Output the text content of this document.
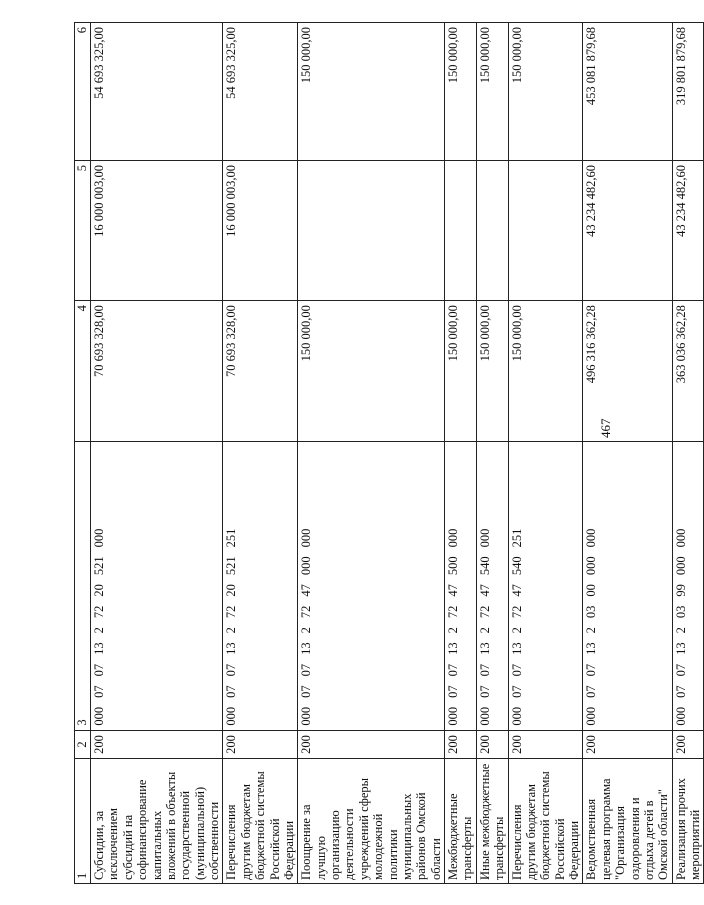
467
1	2	3	4	5	6
Субсидии, за исключением субсидий на софинансирование капитальных вложений в объекты государственной (муниципальной) собственности	200	00007071327220521000	70 693 328,00	16 000 003,00	54 693 325,00
Перечисления другим бюджетам бюджетной системы Российской Федерации	200	00007071327220521251	70 693 328,00	16 000 003,00	54 693 325,00
Поощрение за лучшую организацию деятельности учреждений сферы молодежной политики муниципальных районов Омской области	200	00007071327247000000	150 000,00		150 000,00
Межбюджетные трансферты	200	00007071327247500000	150 000,00		150 000,00
Иные межбюджетные трансферты	200	00007071327247540000	150 000,00		150 000,00
Перечисления другим бюджетам бюджетной системы Российской Федерации	200	00007071327247540251	150 000,00		150 000,00
Ведомственная целевая программа "Организация оздоровления и отдыха детей в Омской области"	200	00007071320300000000	496 316 362,28	43 234 482,60	453 081 879,68
Реализация прочих мероприятий	200	00007071320399000000	363 036 362,28	43 234 482,60	319 801 879,68
